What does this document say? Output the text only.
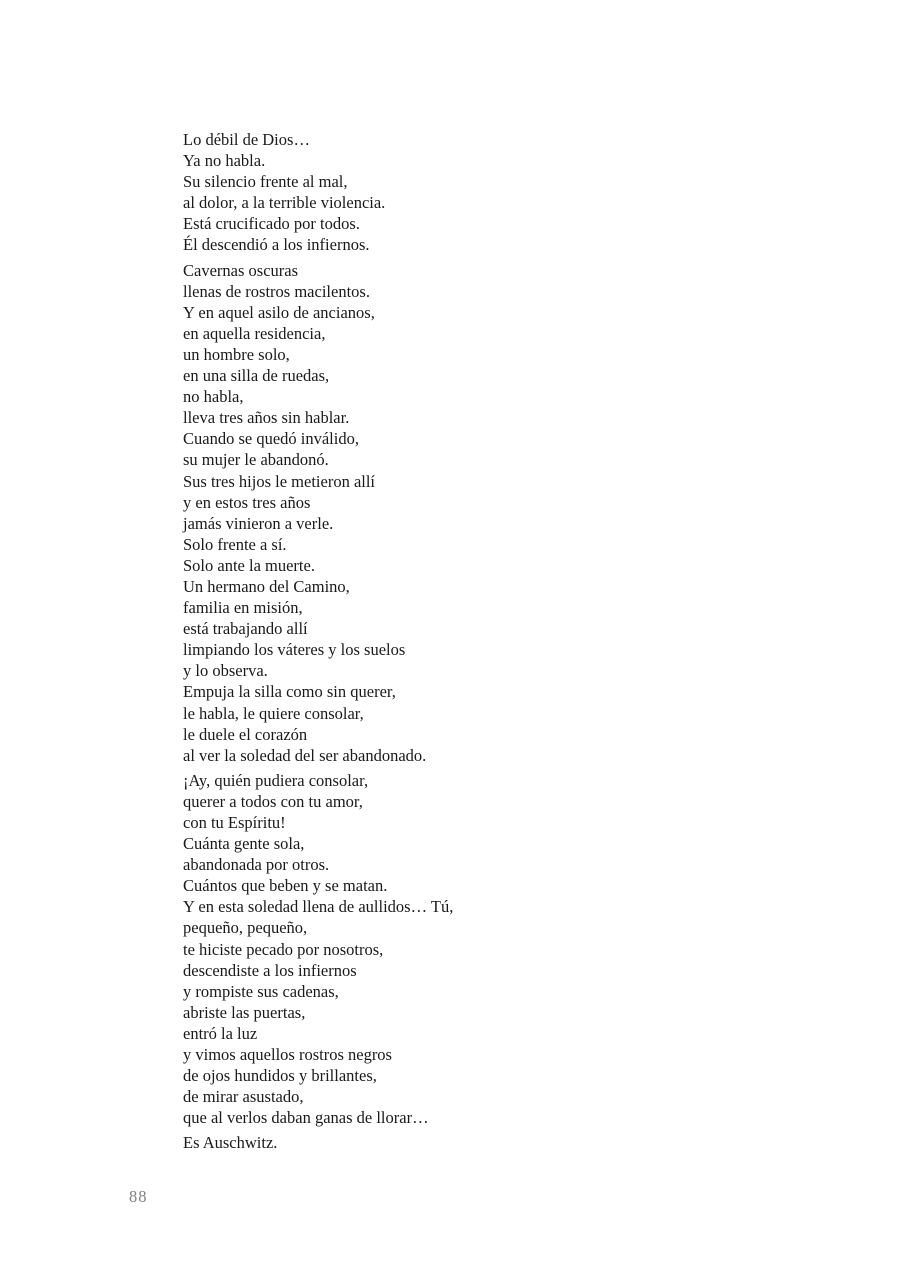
Lo débil de Dios…
Ya no habla.
Su silencio frente al mal,
al dolor, a la terrible violencia.
Está crucificado por todos.
Él descendió a los infiernos.
Cavernas oscuras
llenas de rostros macilentos.
Y en aquel asilo de ancianos,
en aquella residencia,
un hombre solo,
en una silla de ruedas,
no habla,
lleva tres años sin hablar.
Cuando se quedó inválido,
su mujer le abandonó.
Sus tres hijos le metieron allí
y en estos tres años
jamás vinieron a verle.
Solo frente a sí.
Solo ante la muerte.
Un hermano del Camino,
familia en misión,
está trabajando allí
limpiando los váteres y los suelos
y lo observa.
Empuja la silla como sin querer,
le habla, le quiere consolar,
le duele el corazón
al ver la soledad del ser abandonado.
¡Ay, quién pudiera consolar,
querer a todos con tu amor,
con tu Espíritu!
Cuánta gente sola,
abandonada por otros.
Cuántos que beben y se matan.
Y en esta soledad llena de aullidos… Tú,
pequeño, pequeño,
te hiciste pecado por nosotros,
descendiste a los infiernos
y rompiste sus cadenas,
abriste las puertas,
entró la luz
y vimos aquellos rostros negros
de ojos hundidos y brillantes,
de mirar asustado,
que al verlos daban ganas de llorar…
Es Auschwitz.
88
